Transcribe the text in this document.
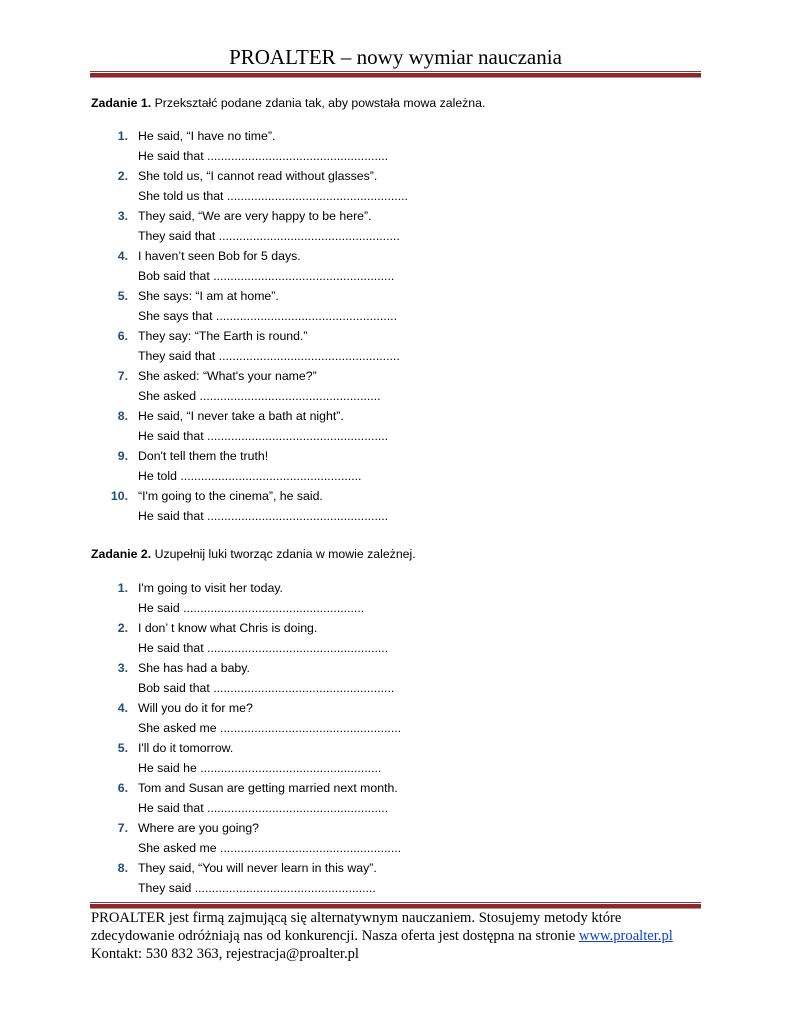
PROALTER – nowy wymiar nauczania
Zadanie 1. Przekształć podane zdania tak, aby powstała mowa zależna.
1. He said, “I have no time”.
He said that .....................................................
2. She told us, “I cannot read without glasses”.
She told us that .....................................................
3. They said, “We are very happy to be here”.
They said that .....................................................
4. I haven’t seen Bob for 5 days.
Bob said that .....................................................
5. She says: “I am at home”.
She says that .....................................................
6. They say: “The Earth is round.”
They said that .....................................................
7. She asked: “What's your name?”
She asked .....................................................
8. He said, “I never take a bath at night”.
He said that .....................................................
9. Don't tell them the truth!
He told .....................................................
10. “I'm going to the cinema”, he said.
He said that .....................................................
Zadanie 2. Uzupełnij luki tworząc zdania w mowie zależnej.
1. I'm going to visit her today.
He said .....................................................
2. I don’ t know what Chris is doing.
He said that .....................................................
3. She has had a baby.
Bob said that .....................................................
4. Will you do it for me?
She asked me .....................................................
5. I'll do it tomorrow.
He said he .....................................................
6. Tom and Susan are getting married next month.
He said that .....................................................
7. Where are you going?
She asked me .....................................................
8. They said, “You will never learn in this way”.
They said .....................................................
PROALTER jest firmą zajmującą się alternatywnym nauczaniem. Stosujemy metody które
zdecydowanie odróżniają nas od konkurencji. Nasza oferta jest dostępna na stronie www.proalter.pl
Kontakt: 530 832 363, rejestracja@proalter.pl
